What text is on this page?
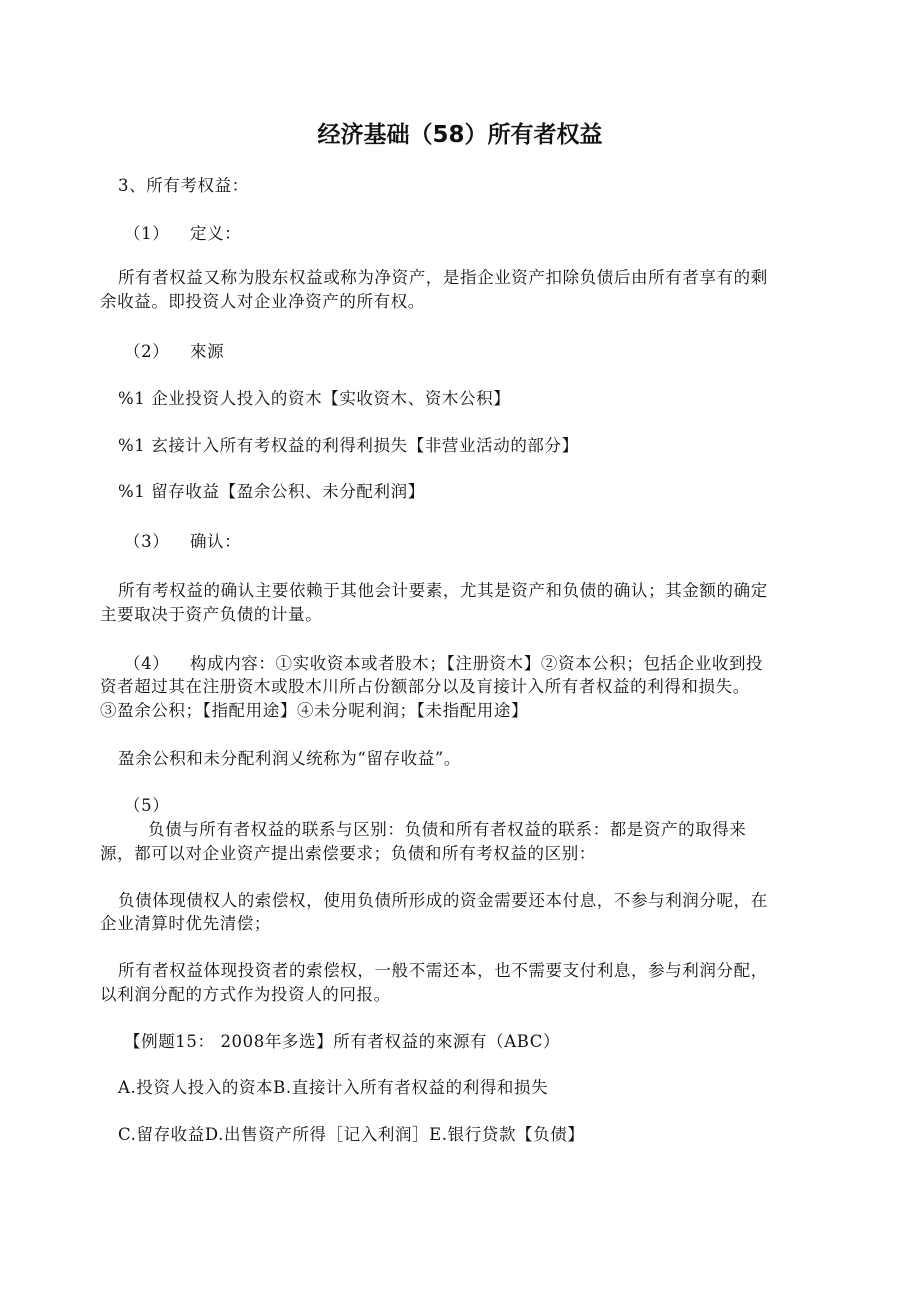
经济基础（58）所有者权益
3、所有考权益：
（1） 定义：
所有者权益又称为股东权益或称为净资产，是指企业资产扣除负债后由所有者享有的剩
余收益。即投资人对企业净资产的所有权。
（2） 來源
%1 企业投资人投入的资木【实收资木、资木公积】
%1 玄接计入所有考权益的利得利损失【非营业活动的部分】
%1 留存收益【盈余公积、未分配利润】
（3） 确认：
所有考权益的确认主要依赖于其他会计要素，尤其是资产和负债的确认；其金额的确定
主要取决于资产负债的计量。
（4） 构成内容：①实收资本或者股木；【注册资木】②资本公积；包括企业收到投
资者超过其在注册资木或股木川所占份额部分以及肓接计入所有者权益的利得和损失。
③盈余公积；【指配用途】④未分呢利润；【未指配用途】
盈余公积和未分配利润乂统称为“留存收益”。
（5）
负债与所有者权益的联系与区别：负债和所有者权益的联系：都是资产的取得来
源，都可以对企业资产提出索偿要求；负债和所有考权益的区别：
负债体现债权人的索偿权，使用负债所形成的资金需要还本付息，不参与利润分呢，在
企业清算时优先清偿；
所有者权益体现投资者的索偿权，一般不需还本，也不需要支付利息，参与利润分配，
以利润分配的方式作为投资人的冋报。
【例题15： 2008年多选】所有者权益的來源有（ABC）
A.投资人投入的资本B.直接计入所有者权益的利得和损失
C.留存收益D.出售资产所得［记入利润］E.银行贷款【负债】
